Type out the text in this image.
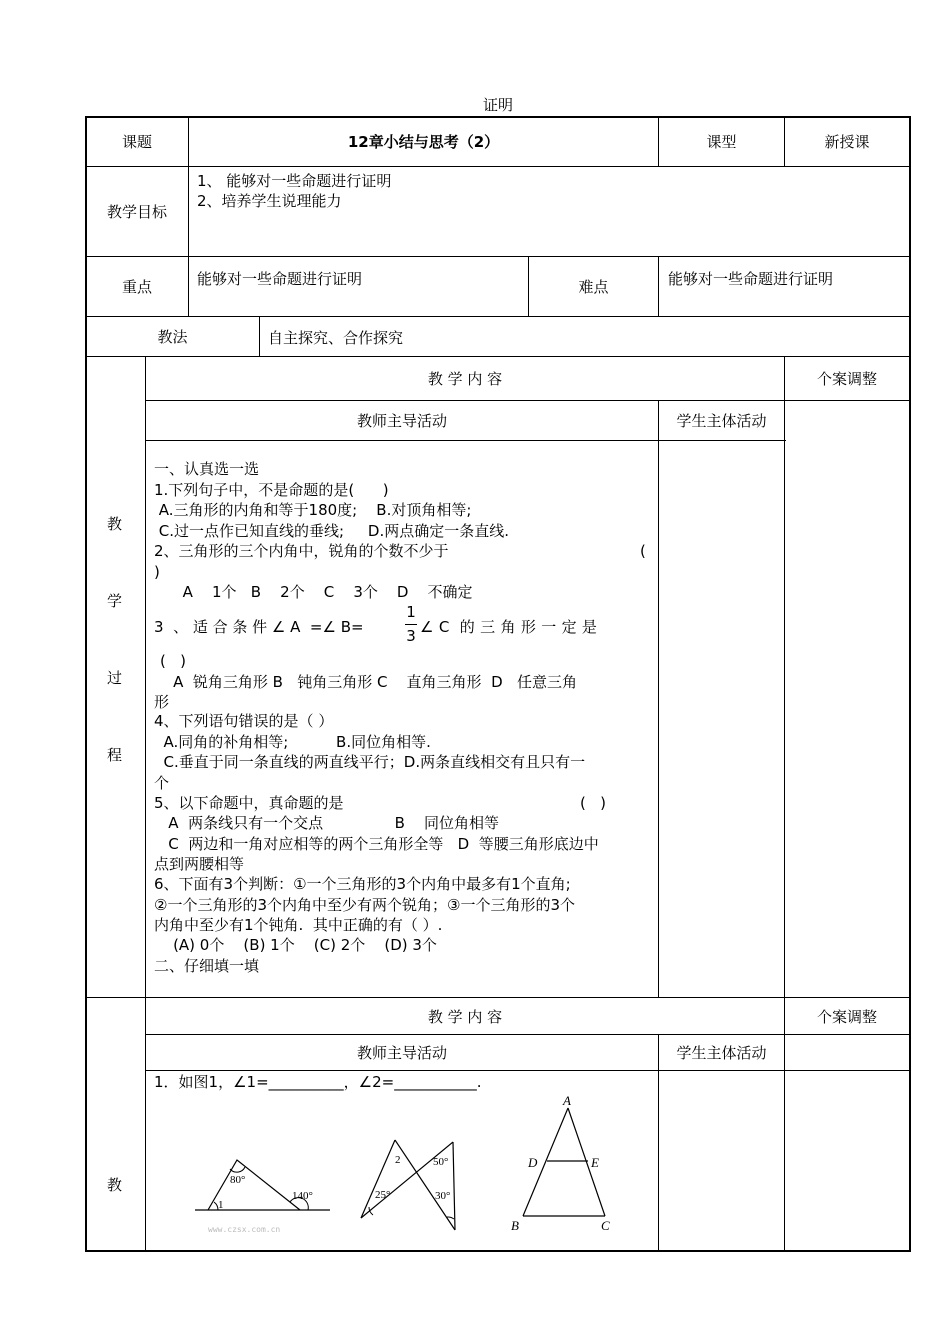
证明
课题	12章小结与思考（2）	课型	新授课
教学目标
1、 能够对一些命题进行证明
2、培养学生说理能力
重点	能够对一些命题进行证明	难点	能够对一些命题进行证明
教法	自主探究、合作探究
教
学
过
程
教 学 内 容	个案调整
教师主导活动	学生主体活动
一、认真选一选
1.下列句子中，不是命题的是(      )
A.三角形的内角和等于180度;    B.对顶角相等;
C.过一点作已知直线的垂线;     D.两点确定一条直线.
2、三角形的三个内角中，锐角的个数不少于	(
)
A    1个   B    2个    C    3个    D    不确定
3  、 适 合 条 件 ∠ A  =∠ B=
1
3 ∠ C  的 三 角 形 一 定 是
(   )
A  锐角三角形 B   钝角三角形 C    直角三角形  D   任意三角
形
4、下列语句错误的是（ ）
A.同角的补角相等;          B.同位角相等.
C.垂直于同一条直线的两直线平行；D.两条直线相交有且只有一
个
5、以下命题中，真命题的是	(   )
A  两条线只有一个交点               B    同位角相等
C  两边和一角对应相等的两个三角形全等   D  等腰三角形底边中
点到两腰相等
6、下面有3个判断：①一个三角形的3个内角中最多有1个直角;
②一个三角形的3个内角中至少有两个锐角；③一个三角形的3个
内角中至少有1个钝角.  其中正确的有（ ）.
(A) 0个    (B) 1个    (C) 2个    (D) 3个
二、仔细填一填
教
教 学 内 容	个案调整
教师主导活动	学生主体活动
1．如图1，∠1=__________，∠2=___________.
80°
1
140°
www.czsx.com.cn
2	50°
25°	30°
A
D	E
B	C
